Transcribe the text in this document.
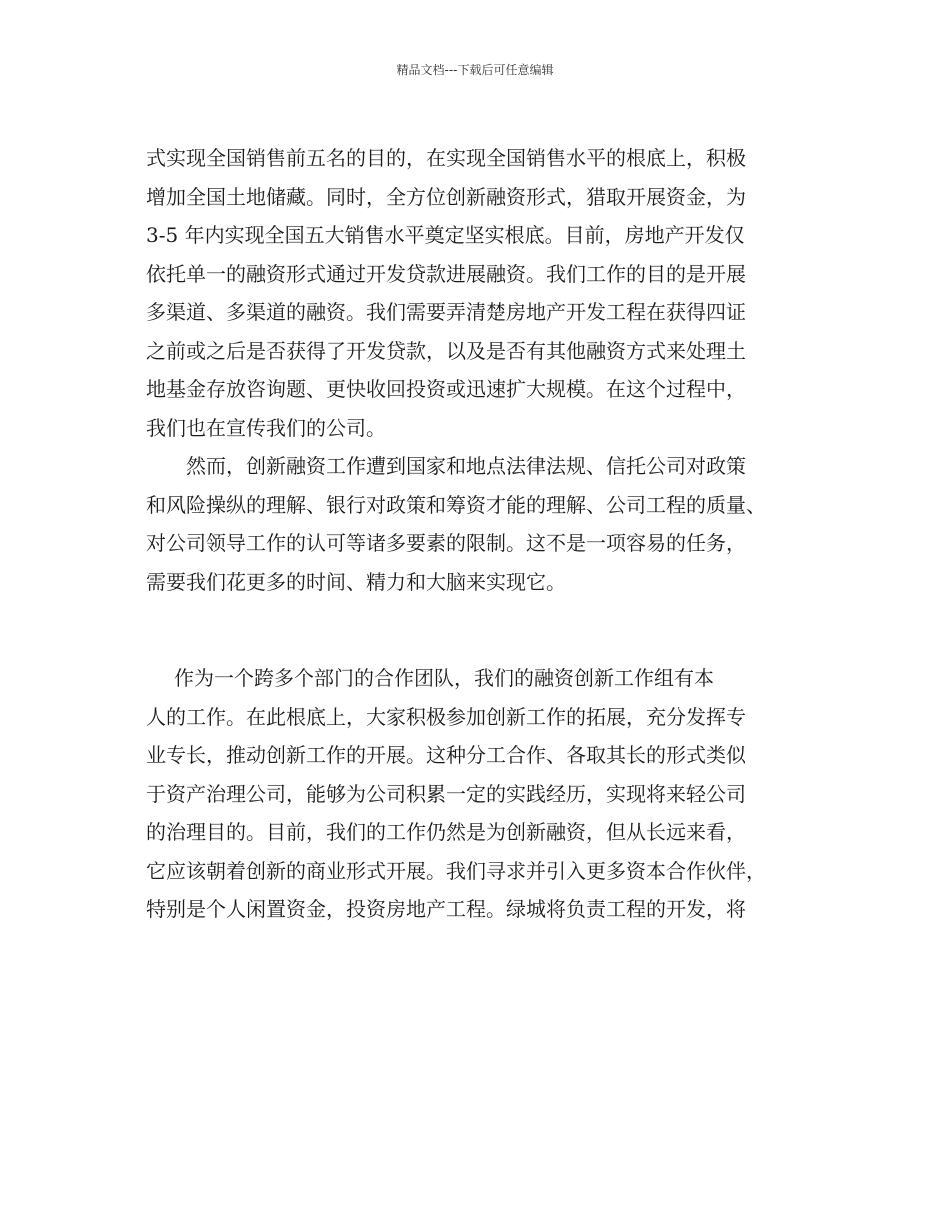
精品文档---下载后可任意编辑
式实现全国销售前五名的目的，在实现全国销售水平的根底上，积极
增加全国土地储藏。同时，全方位创新融资形式，猎取开展资金，为
3-5 年内实现全国五大销售水平奠定坚实根底。目前，房地产开发仅
依托单一的融资形式通过开发贷款进展融资。我们工作的目的是开展
多渠道、多渠道的融资。我们需要弄清楚房地产开发工程在获得四证
之前或之后是否获得了开发贷款，以及是否有其他融资方式来处理土
地基金存放咨询题、更快收回投资或迅速扩大规模。在这个过程中，
我们也在宣传我们的公司。
然而，创新融资工作遭到国家和地点法律法规、信托公司对政策
和风险操纵的理解、银行对政策和筹资才能的理解、公司工程的质量、
对公司领导工作的认可等诸多要素的限制。这不是一项容易的任务，
需要我们花更多的时间、精力和大脑来实现它。
作为一个跨多个部门的合作团队，我们的融资创新工作组有本
人的工作。在此根底上，大家积极参加创新工作的拓展，充分发挥专
业专长，推动创新工作的开展。这种分工合作、各取其长的形式类似
于资产治理公司，能够为公司积累一定的实践经历，实现将来轻公司
的治理目的。目前，我们的工作仍然是为创新融资，但从长远来看，
它应该朝着创新的商业形式开展。我们寻求并引入更多资本合作伙伴，
特别是个人闲置资金，投资房地产工程。绿城将负责工程的开发，将
